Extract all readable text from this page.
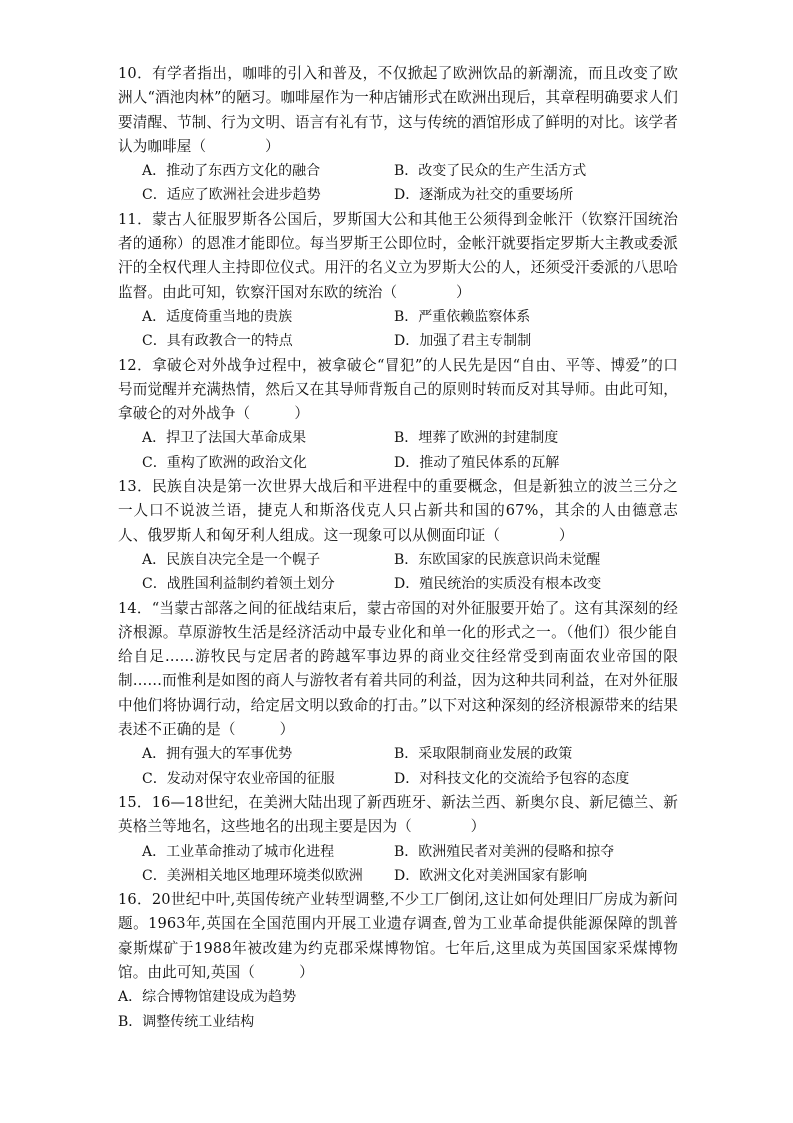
10．有学者指出，咖啡的引入和普及，不仅掀起了欧洲饮品的新潮流，而且改变了欧洲人“酒池肉林”的陋习。咖啡屋作为一种店铺形式在欧洲出现后，其章程明确要求人们要清醒、节制、行为文明、语言有礼有节，这与传统的酒馆形成了鲜明的对比。该学者认为咖啡屋（　　　　）

A．推动了东西方文化的融合	B．改变了民众的生产生活方式
C．适应了欧洲社会进步趋势	D．逐渐成为社交的重要场所

11．蒙古人征服罗斯各公国后，罗斯国大公和其他王公须得到金帐汗（钦察汗国统治者的通称）的恩准才能即位。每当罗斯王公即位时，金帐汗就要指定罗斯大主教或委派汗的全权代理人主持即位仪式。用汗的名义立为罗斯大公的人，还须受汗委派的八思哈监督。由此可知，钦察汗国对东欧的统治（　　　　）

A．适度倚重当地的贵族	B．严重依赖监察体系
C．具有政教合一的特点	D．加强了君主专制制

12．拿破仑对外战争过程中，被拿破仑“冒犯”的人民先是因“自由、平等、博爱”的口号而觉醒并充满热情，然后又在其导师背叛自己的原则时转而反对其导师。由此可知，拿破仑的对外战争（　　　）

A．捍卫了法国大革命成果	B．埋葬了欧洲的封建制度
C．重构了欧洲的政治文化	D．推动了殖民体系的瓦解

13．民族自决是第一次世界大战后和平进程中的重要概念，但是新独立的波兰三分之一人口不说波兰语，捷克人和斯洛伐克人只占新共和国的67%，其余的人由德意志人、俄罗斯人和匈牙利人组成。这一现象可以从侧面印证（　　　　）

A．民族自决完全是一个幌子	B．东欧国家的民族意识尚未觉醒
C．战胜国利益制约着领土划分	D．殖民统治的实质没有根本改变

14．“当蒙古部落之间的征战结束后，蒙古帝国的对外征服要开始了。这有其深刻的经济根源。草原游牧生活是经济活动中最专业化和单一化的形式之一。（他们）很少能自给自足……游牧民与定居者的跨越军事边界的商业交往经常受到南面农业帝国的限制……而惟利是如图的商人与游牧者有着共同的利益，因为这种共同利益，在对外征服中他们将协调行动，给定居文明以致命的打击。”以下对这种深刻的经济根源带来的结果表述不正确的是（　　　）

A．拥有强大的军事优势	B．采取限制商业发展的政策
C．发动对保守农业帝国的征服	D．对科技文化的交流给予包容的态度

15．16—18世纪，在美洲大陆出现了新西班牙、新法兰西、新奥尔良、新尼德兰、新英格兰等地名，这些地名的出现主要是因为（　　　　）

A．工业革命推动了城市化进程	B．欧洲殖民者对美洲的侵略和掠夺
C．美洲相关地区地理环境类似欧洲	D．欧洲文化对美洲国家有影响

16．20世纪中叶,英国传统产业转型调整,不少工厂倒闭,这让如何处理旧厂房成为新问题。1963年,英国在全国范围内开展工业遗存调查,曾为工业革命提供能源保障的凯普豪斯煤矿于1988年被改建为约克郡采煤博物馆。七年后,这里成为英国国家采煤博物馆。由此可知,英国（　　　）

A．综合博物馆建设成为趋势
B．调整传统工业结构
